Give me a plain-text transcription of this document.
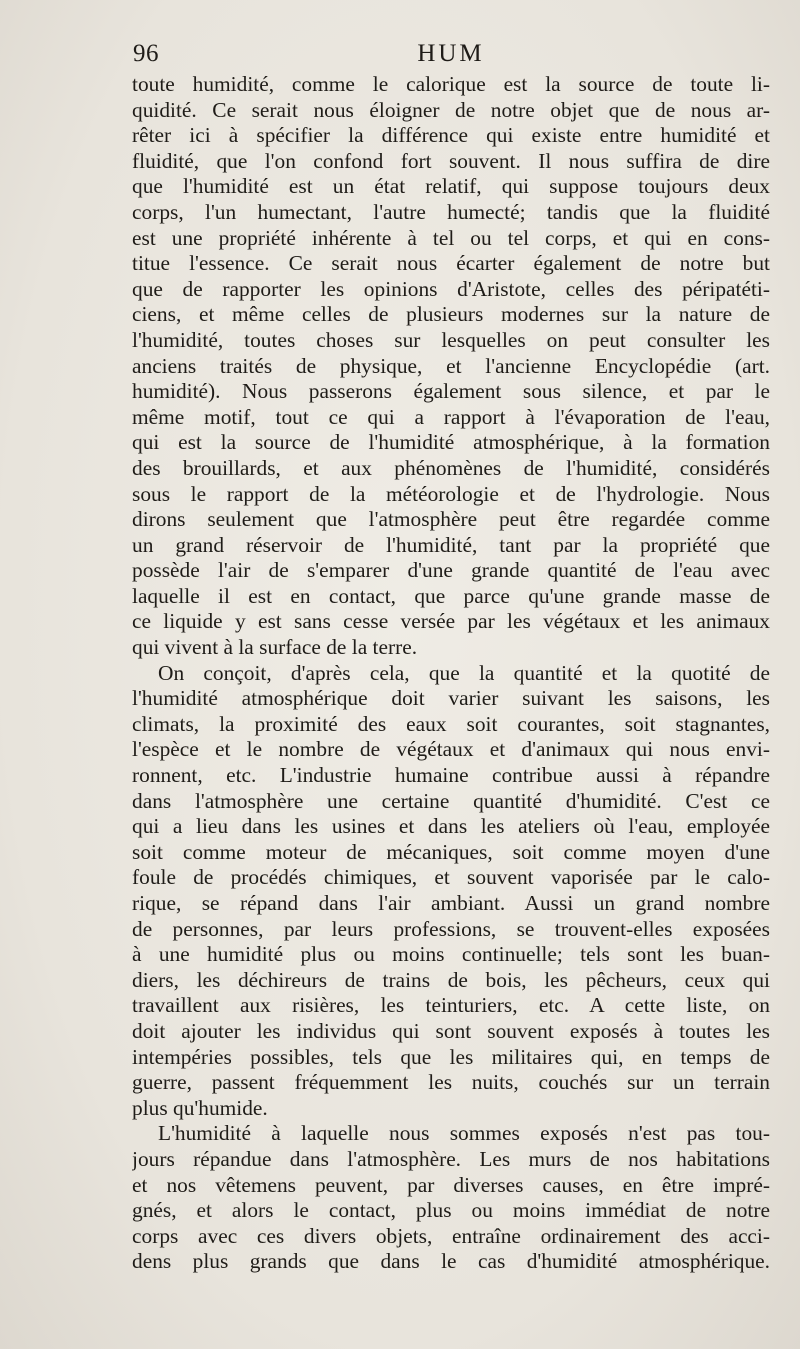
96	HUM
toute humidité, comme le calorique est la source de toute li-
quidité. Ce serait nous éloigner de notre objet que de nous ar-
rêter ici à spécifier la différence qui existe entre humidité et
fluidité, que l'on confond fort souvent. Il nous suffira de dire
que l'humidité est un état relatif, qui suppose toujours deux
corps, l'un humectant, l'autre humecté; tandis que la fluidité
est une propriété inhérente à tel ou tel corps, et qui en cons-
titue l'essence. Ce serait nous écarter également de notre but
que de rapporter les opinions d'Aristote, celles des péripatéti-
ciens, et même celles de plusieurs modernes sur la nature de
l'humidité, toutes choses sur lesquelles on peut consulter les
anciens traités de physique, et l'ancienne Encyclopédie (art.
humidité). Nous passerons également sous silence, et par le
même motif, tout ce qui a rapport à l'évaporation de l'eau,
qui est la source de l'humidité atmosphérique, à la formation
des brouillards, et aux phénomènes de l'humidité, considérés
sous le rapport de la météorologie et de l'hydrologie. Nous
dirons seulement que l'atmosphère peut être regardée comme
un grand réservoir de l'humidité, tant par la propriété que
possède l'air de s'emparer d'une grande quantité de l'eau avec
laquelle il est en contact, que parce qu'une grande masse de
ce liquide y est sans cesse versée par les végétaux et les animaux
qui vivent à la surface de la terre.
On conçoit, d'après cela, que la quantité et la quotité de
l'humidité atmosphérique doit varier suivant les saisons, les
climats, la proximité des eaux soit courantes, soit stagnantes,
l'espèce et le nombre de végétaux et d'animaux qui nous envi-
ronnent, etc. L'industrie humaine contribue aussi à répandre
dans l'atmosphère une certaine quantité d'humidité. C'est ce
qui a lieu dans les usines et dans les ateliers où l'eau, employée
soit comme moteur de mécaniques, soit comme moyen d'une
foule de procédés chimiques, et souvent vaporisée par le calo-
rique, se répand dans l'air ambiant. Aussi un grand nombre
de personnes, par leurs professions, se trouvent-elles exposées
à une humidité plus ou moins continuelle; tels sont les buan-
diers, les déchireurs de trains de bois, les pêcheurs, ceux qui
travaillent aux risières, les teinturiers, etc. A cette liste, on
doit ajouter les individus qui sont souvent exposés à toutes les
intempéries possibles, tels que les militaires qui, en temps de
guerre, passent fréquemment les nuits, couchés sur un terrain
plus qu'humide.
L'humidité à laquelle nous sommes exposés n'est pas tou-
jours répandue dans l'atmosphère. Les murs de nos habitations
et nos vêtemens peuvent, par diverses causes, en être impré-
gnés, et alors le contact, plus ou moins immédiat de notre
corps avec ces divers objets, entraîne ordinairement des acci-
dens plus grands que dans le cas d'humidité atmosphérique.
